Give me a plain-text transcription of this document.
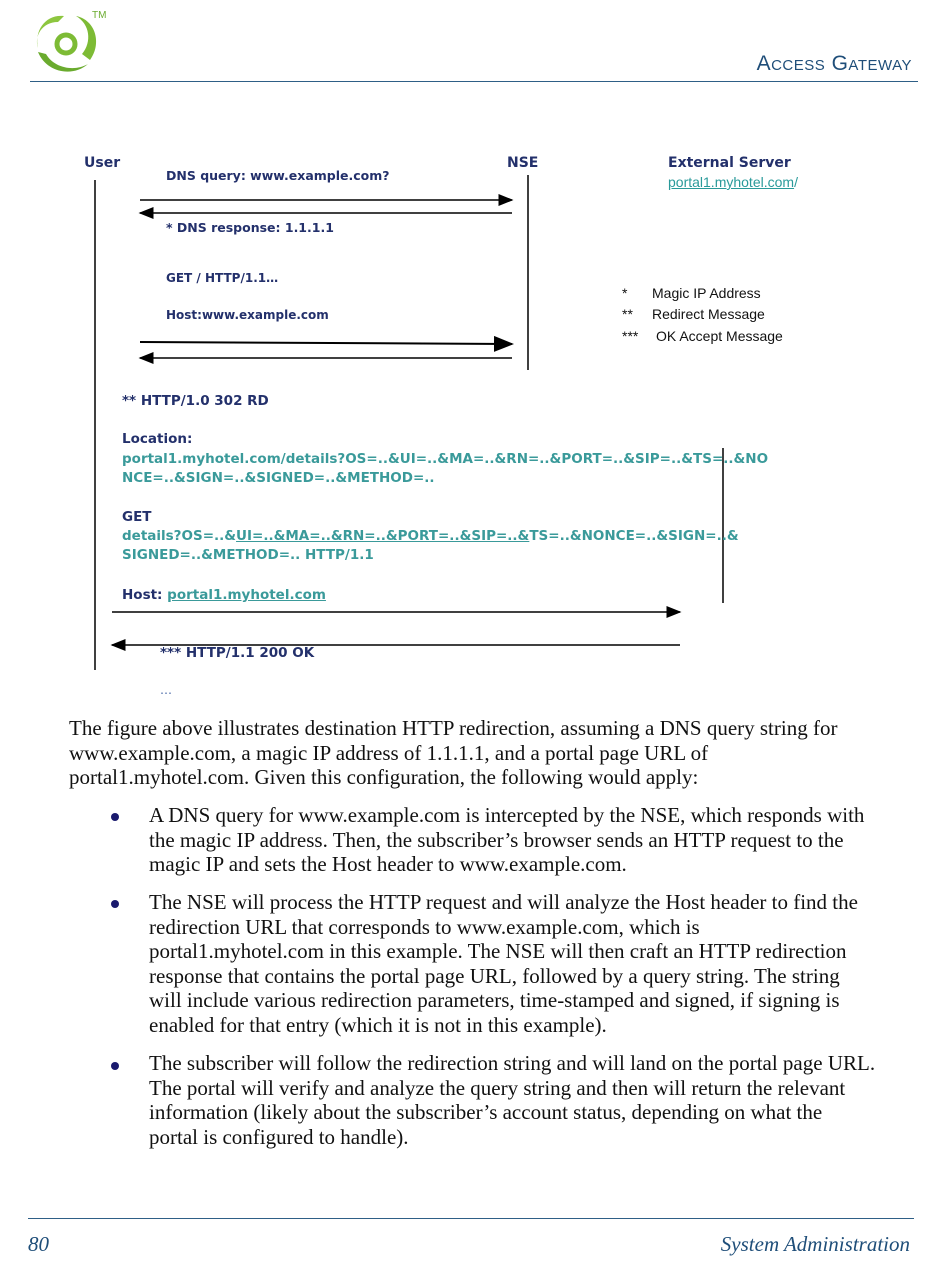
TM
Access Gateway
User	NSE	External Server
portal1.myhotel.com/
DNS query: www.example.com?
* DNS response: 1.1.1.1
GET / HTTP/1.1…
Host:www.example.com
* Magic IP Address
** Redirect Message
*** OK Accept Message
** HTTP/1.0 302 RD
Location:
portal1.myhotel.com/details?OS=..&UI=..&MA=..&RN=..&PORT=..&SIP=..&TS=..&NO
NCE=..&SIGN=..&SIGNED=..&METHOD=..
GET
details?OS=..&UI=..&MA=..&RN=..&PORT=..&SIP=..&TS=..&NONCE=..&SIGN=..&
SIGNED=..&METHOD=.. HTTP/1.1
Host: portal1.myhotel.com
*** HTTP/1.1 200 OK
…
The figure above illustrates destination HTTP redirection, assuming a DNS query string for
www.example.com, a magic IP address of 1.1.1.1, and a portal page URL of
portal1.myhotel.com. Given this configuration, the following would apply:
A DNS query for www.example.com is intercepted by the NSE, which responds with
the magic IP address. Then, the subscriber’s browser sends an HTTP request to the
magic IP and sets the Host header to www.example.com.
The NSE will process the HTTP request and will analyze the Host header to find the
redirection URL that corresponds to www.example.com, which is
portal1.myhotel.com in this example. The NSE will then craft an HTTP redirection
response that contains the portal page URL, followed by a query string. The string
will include various redirection parameters, time-stamped and signed, if signing is
enabled for that entry (which it is not in this example).
The subscriber will follow the redirection string and will land on the portal page URL.
The portal will verify and analyze the query string and then will return the relevant
information (likely about the subscriber’s account status, depending on what the
portal is configured to handle).
80	System Administration
